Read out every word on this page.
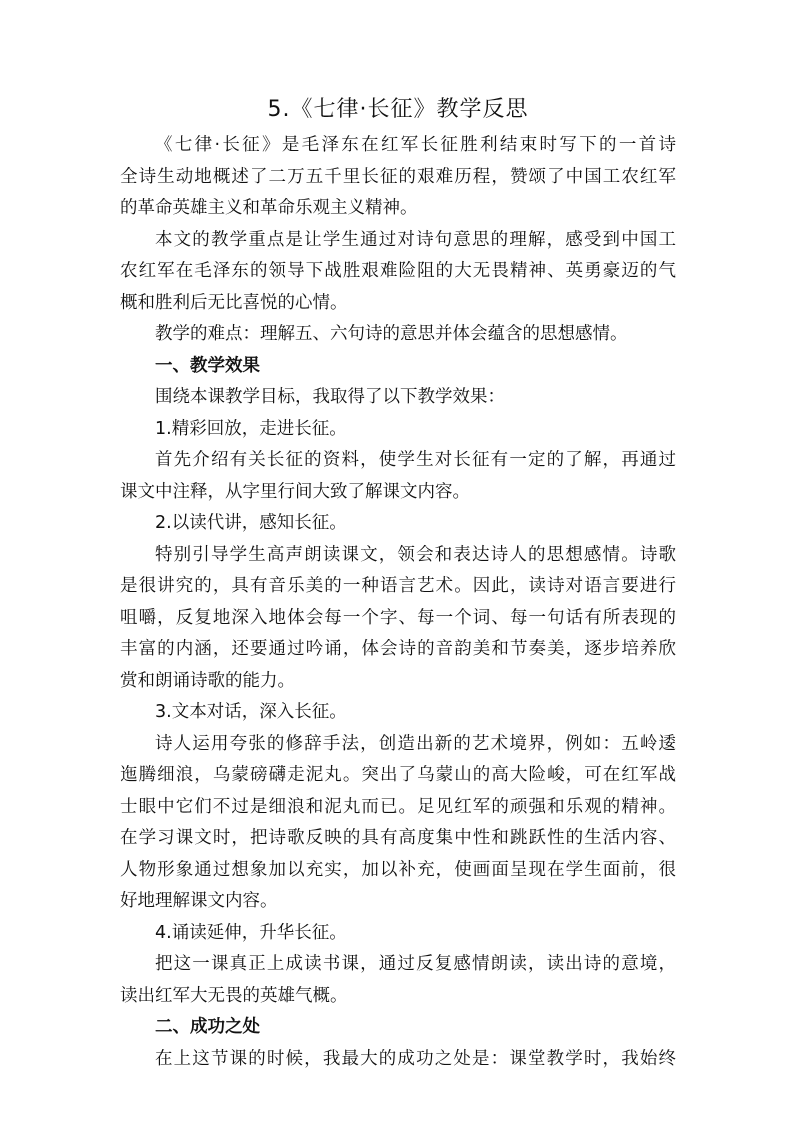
5.《七律·长征》教学反思
《七律·长征》是毛泽东在红军长征胜利结束时写下的一首诗
全诗生动地概述了二万五千里长征的艰难历程，赞颂了中国工农红军
的革命英雄主义和革命乐观主义精神。
本文的教学重点是让学生通过对诗句意思的理解，感受到中国工
农红军在毛泽东的领导下战胜艰难险阻的大无畏精神、英勇豪迈的气
概和胜利后无比喜悦的心情。
教学的难点：理解五、六句诗的意思并体会蕴含的思想感情。
一、教学效果
围绕本课教学目标，我取得了以下教学效果：
1.精彩回放，走进长征。
首先介绍有关长征的资料，使学生对长征有一定的了解，再通过
课文中注释，从字里行间大致了解课文内容。
2.以读代讲，感知长征。
特别引导学生高声朗读课文，领会和表达诗人的思想感情。诗歌
是很讲究的，具有音乐美的一种语言艺术。因此，读诗对语言要进行
咀嚼，反复地深入地体会每一个字、每一个词、每一句话有所表现的
丰富的内涵，还要通过吟诵，体会诗的音韵美和节奏美，逐步培养欣
赏和朗诵诗歌的能力。
3.文本对话，深入长征。
诗人运用夸张的修辞手法，创造出新的艺术境界，例如：五岭逶
迤腾细浪，乌蒙磅礴走泥丸。突出了乌蒙山的高大险峻，可在红军战
士眼中它们不过是细浪和泥丸而已。足见红军的顽强和乐观的精神。
在学习课文时，把诗歌反映的具有高度集中性和跳跃性的生活内容、
人物形象通过想象加以充实，加以补充，使画面呈现在学生面前，很
好地理解课文内容。
4.诵读延伸，升华长征。
把这一课真正上成读书课，通过反复感情朗读，读出诗的意境，
读出红军大无畏的英雄气概。
二、成功之处
在上这节课的时候，我最大的成功之处是：课堂教学时，我始终
